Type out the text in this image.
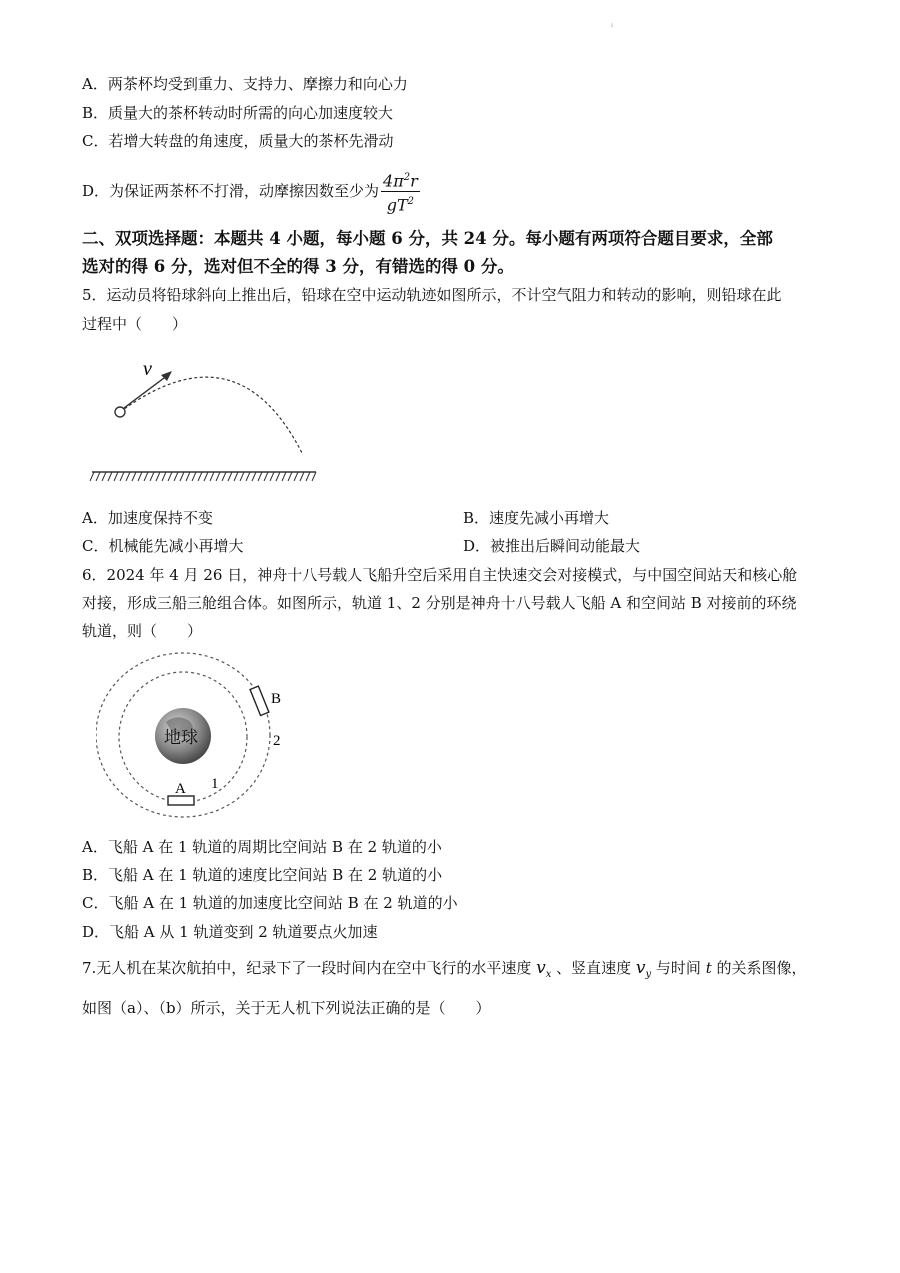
ı
A．两茶杯均受到重力、支持力、摩擦力和向心力
B．质量大的茶杯转动时所需的向心加速度较大
C．若增大转盘的角速度，质量大的茶杯先滑动
D．为保证两茶杯不打滑，动摩擦因数至少为 $\frac{4\pi^2r}{gT^2}$
二、双项选择题：本题共 4 小题，每小题 6 分，共 24 分。每小题有两项符合题目要求，全部
选对的得 6 分，选对但不全的得 3 分，有错选的得 0 分。
5．运动员将铅球斜向上推出后，铅球在空中运动轨迹如图所示，不计空气阻力和转动的影响，则铅球在此
过程中（　　）
v
A．加速度保持不变	B．速度先减小再增大
C．机械能先减小再增大	D．被推出后瞬间动能最大
6．2024 年 4 月 26 日，神舟十八号载人飞船升空后采用自主快速交会对接模式，与中国空间站天和核心舱
对接，形成三船三舱组合体。如图所示，轨道 1、2 分别是神舟十八号载人飞船 A 和空间站 B 对接前的环绕
轨道，则（　　）
地球
A 1
B
2
A．飞船 A 在 1 轨道的周期比空间站 B 在 2 轨道的小
B．飞船 A 在 1 轨道的速度比空间站 B 在 2 轨道的小
C．飞船 A 在 1 轨道的加速度比空间站 B 在 2 轨道的小
D．飞船 A 从 1 轨道变到 2 轨道要点火加速
7.无人机在某次航拍中，纪录下了一段时间内在空中飞行的水平速度 $v_x$ 、竖直速度 $v_y$ 与时间 t 的关系图像，
如图（a）、（b）所示，关于无人机下列说法正确的是（　　）
